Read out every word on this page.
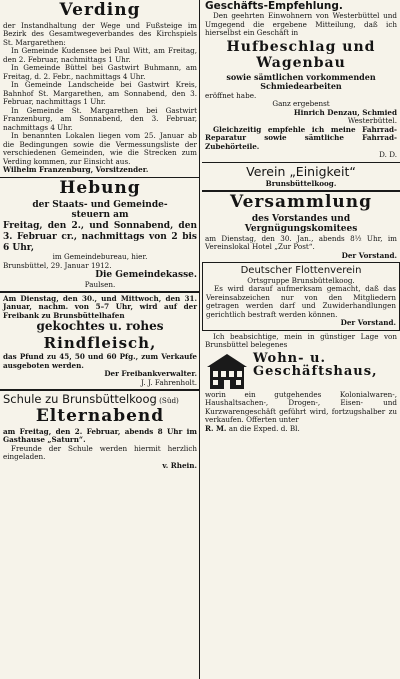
Verding

der Instandhaltung der Wege und Fußsteige im Bezirk des Gesamtwegeverbandes des Kirchspiels St. Margarethen:

In Gemeinde Kudensee bei Paul Witt, am Freitag, den 2. Februar, nachmittags 1 Uhr.

In Gemeinde Büttel bei Gastwirt Buhmann, am Freitag, d. 2. Febr., nachmittags 4 Uhr.

In Gemeinde Landscheide bei Gastwirt Kreis, Bahnhof St. Margarethen, am Sonnabend, den 3. Februar, nachmittags 1 Uhr.

In Gemeinde St. Margarethen bei Gastwirt Franzenburg, am Sonnabend, den 3. Februar, nachmittags 4 Uhr.

In benannten Lokalen liegen vom 25. Januar ab die Bedingungen sowie die Vermessungsliste der verschiedenen Gemeinden, wie die Strecken zum Verding kommen, zur Einsicht aus.

Wilhelm Franzenburg, Vorsitzender.

Hebung
der Staats- und Gemeinde-
steuern am

Freitag, den 2., und Sonnabend, den 3. Februar cr., nachmittags von 2 bis 6 Uhr,

im Gemeindebureau, hier.
Brunsbüttel, 29. Januar 1912.
Die Gemeindekasse.
Paulsen.

Am Dienstag, den 30., und Mittwoch, den 31. Januar, nachm. von 5–7 Uhr, wird auf der Freibank zu Brunsbüttelhafen

gekochtes u. rohes
Rindfleisch,

das Pfund zu 45, 50 und 60 Pfg., zum Verkaufe ausgeboten werden.

Der Freibankverwalter.
J. J. Fahrenholt.
Schule zu Brunsbüttelkoog (Süd)
Elternabend

am Freitag, den 2. Februar, abends 8 Uhr im Gasthause „Saturn“.

Freunde der Schule werden hiermit herzlich eingeladen.

v. Rhein.
Geschäfts-Empfehlung.

Den geehrten Einwohnern von Westerbüttel und Umgegend die ergebene Mitteilung, daß ich hierselbst ein Geschäft in

Hufbeschlag und
Wagenbau
sowie sämtlichen vorkommenden Schmiedearbeiten
eröffnet habe.
Ganz ergebenst
Hinrich Denzau, Schmied
Westerbüttel.

Gleichzeitig empfehle ich meine Fahrrad-Reparatur sowie sämtliche Fahrrad-Zubehörteile.

D. D.
Verein „Einigkeit“
Brunsbüttelkoog.
Versammlung
des Vorstandes und
Vergnügungskomitees

am Dienstag, den 30. Jan., abends 8½ Uhr, im Vereinslokal Hotel „Zur Post“.

Der Vorstand.
Deutscher Flottenverein
Ortsgruppe Brunsbüttelkoog.

Es wird darauf aufmerksam gemacht, daß das Vereinsabzeichen nur von den Mitgliedern getragen werden darf und Zuwiderhandlungen gerichtlich bestraft werden können.

Der Vorstand.

Ich beabsichtige, mein in günstiger Lage von Brunsbüttel belegenes

Wohn- u. Geschäftshaus,

worin ein gutgehendes Kolonialwaren-, Haushaltsachen-, Drogen-, Eisen- und Kurzwarengeschäft geführt wird, fortzugshalber zu verkaufen. Offerten unter

R. M. an die Exped. d. Bl.
